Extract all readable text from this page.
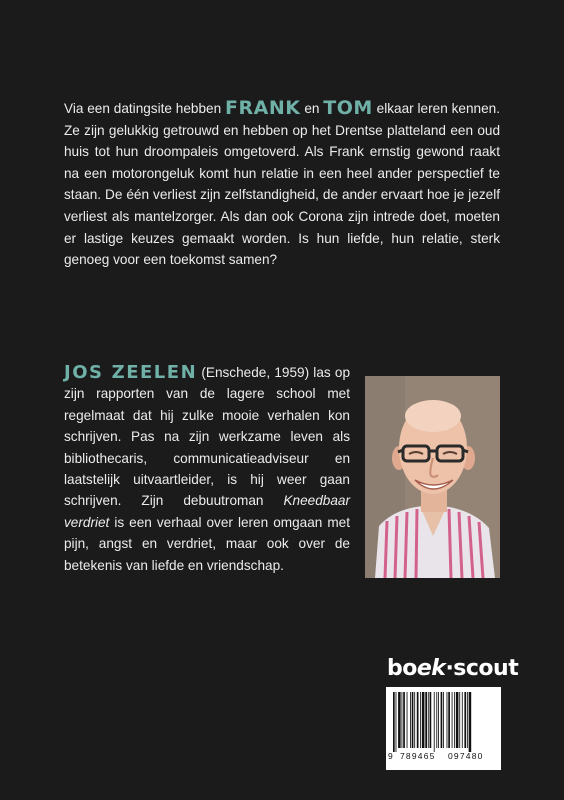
Via een datingsite hebben FRANK en TOM elkaar leren kennen. Ze zijn gelukkig getrouwd en hebben op het Drentse platteland een oud huis tot hun droompaleis omgetoverd. Als Frank ernstig gewond raakt na een motorongeluk komt hun relatie in een heel ander perspectief te staan. De één verliest zijn zelfstandigheid, de ander ervaart hoe je jezelf verliest als mantelzorger. Als dan ook Corona zijn intrede doet, moeten er lastige keuzes gemaakt worden. Is hun liefde, hun relatie, sterk genoeg voor een toekomst samen?

JOS ZEELEN (Enschede, 1959) las op zijn rapporten van de lagere school met regelmaat dat hij zulke mooie verhalen kon schrijven. Pas na zijn werkzame leven als bibliothecaris, communicatieadviseur en laatstelijk uitvaartleider, is hij weer gaan schrijven. Zijn debuutroman Kneedbaar verdriet is een verhaal over leren omgaan met pijn, angst en verdriet, maar ook over de betekenis van liefde en vriendschap.

boek·scout
9 789465 097480
